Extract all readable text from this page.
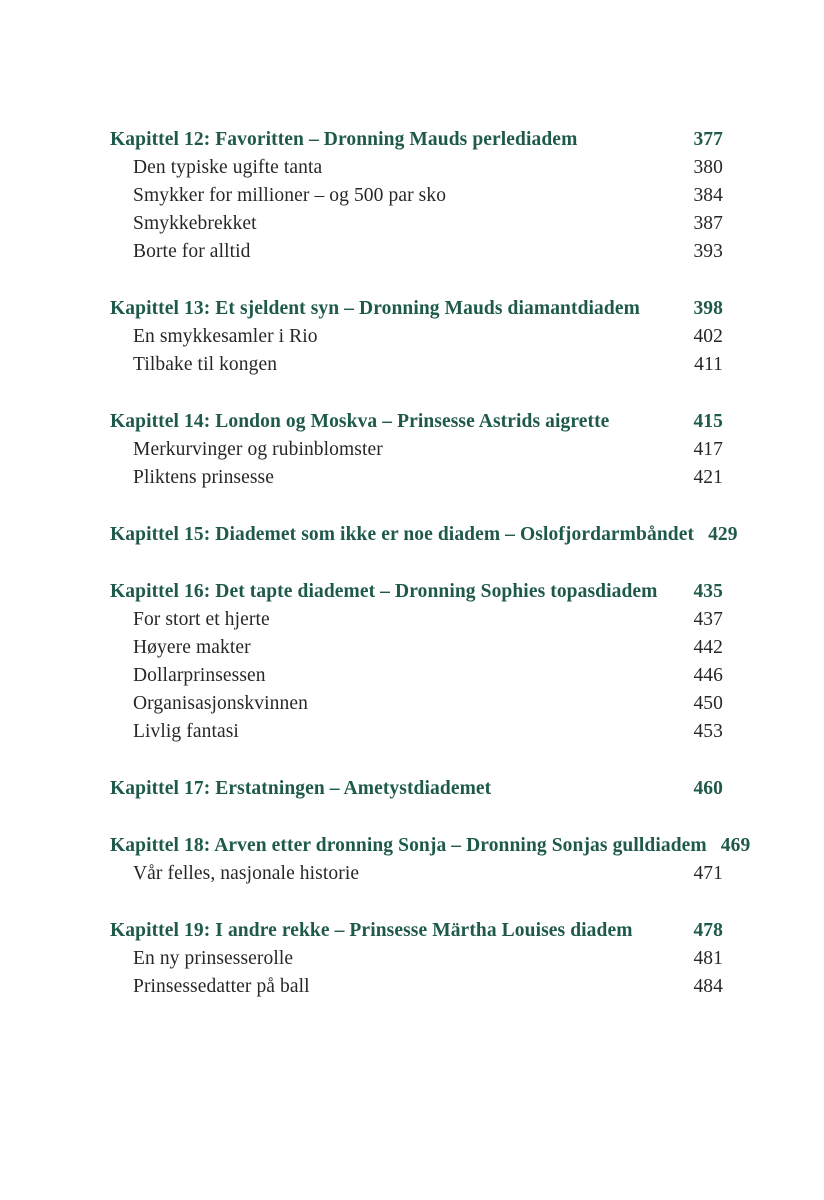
Kapittel 12: Favoritten – Dronning Mauds perlediadem	377
Den typiske ugifte tanta	380
Smykker for millioner – og 500 par sko	384
Smykkebrekket	387
Borte for alltid	393
Kapittel 13: Et sjeldent syn – Dronning Mauds diamantdiadem	398
En smykkesamler i Rio	402
Tilbake til kongen	411
Kapittel 14: London og Moskva – Prinsesse Astrids aigrette	415
Merkurvinger og rubinblomster	417
Pliktens prinsesse	421
Kapittel 15: Diademet som ikke er noe diadem – Oslofjordarmbåndet 429
Kapittel 16: Det tapte diademet – Dronning Sophies topasdiadem	435
For stort et hjerte	437
Høyere makter	442
Dollarprinsessen	446
Organisasjonskvinnen	450
Livlig fantasi	453
Kapittel 17: Erstatningen – Ametystdiademet	460
Kapittel 18: Arven etter dronning Sonja – Dronning Sonjas gulldiadem 469
Vår felles, nasjonale historie	471
Kapittel 19: I andre rekke – Prinsesse Märtha Louises diadem	478
En ny prinsesserolle	481
Prinsessedatter på ball	484
